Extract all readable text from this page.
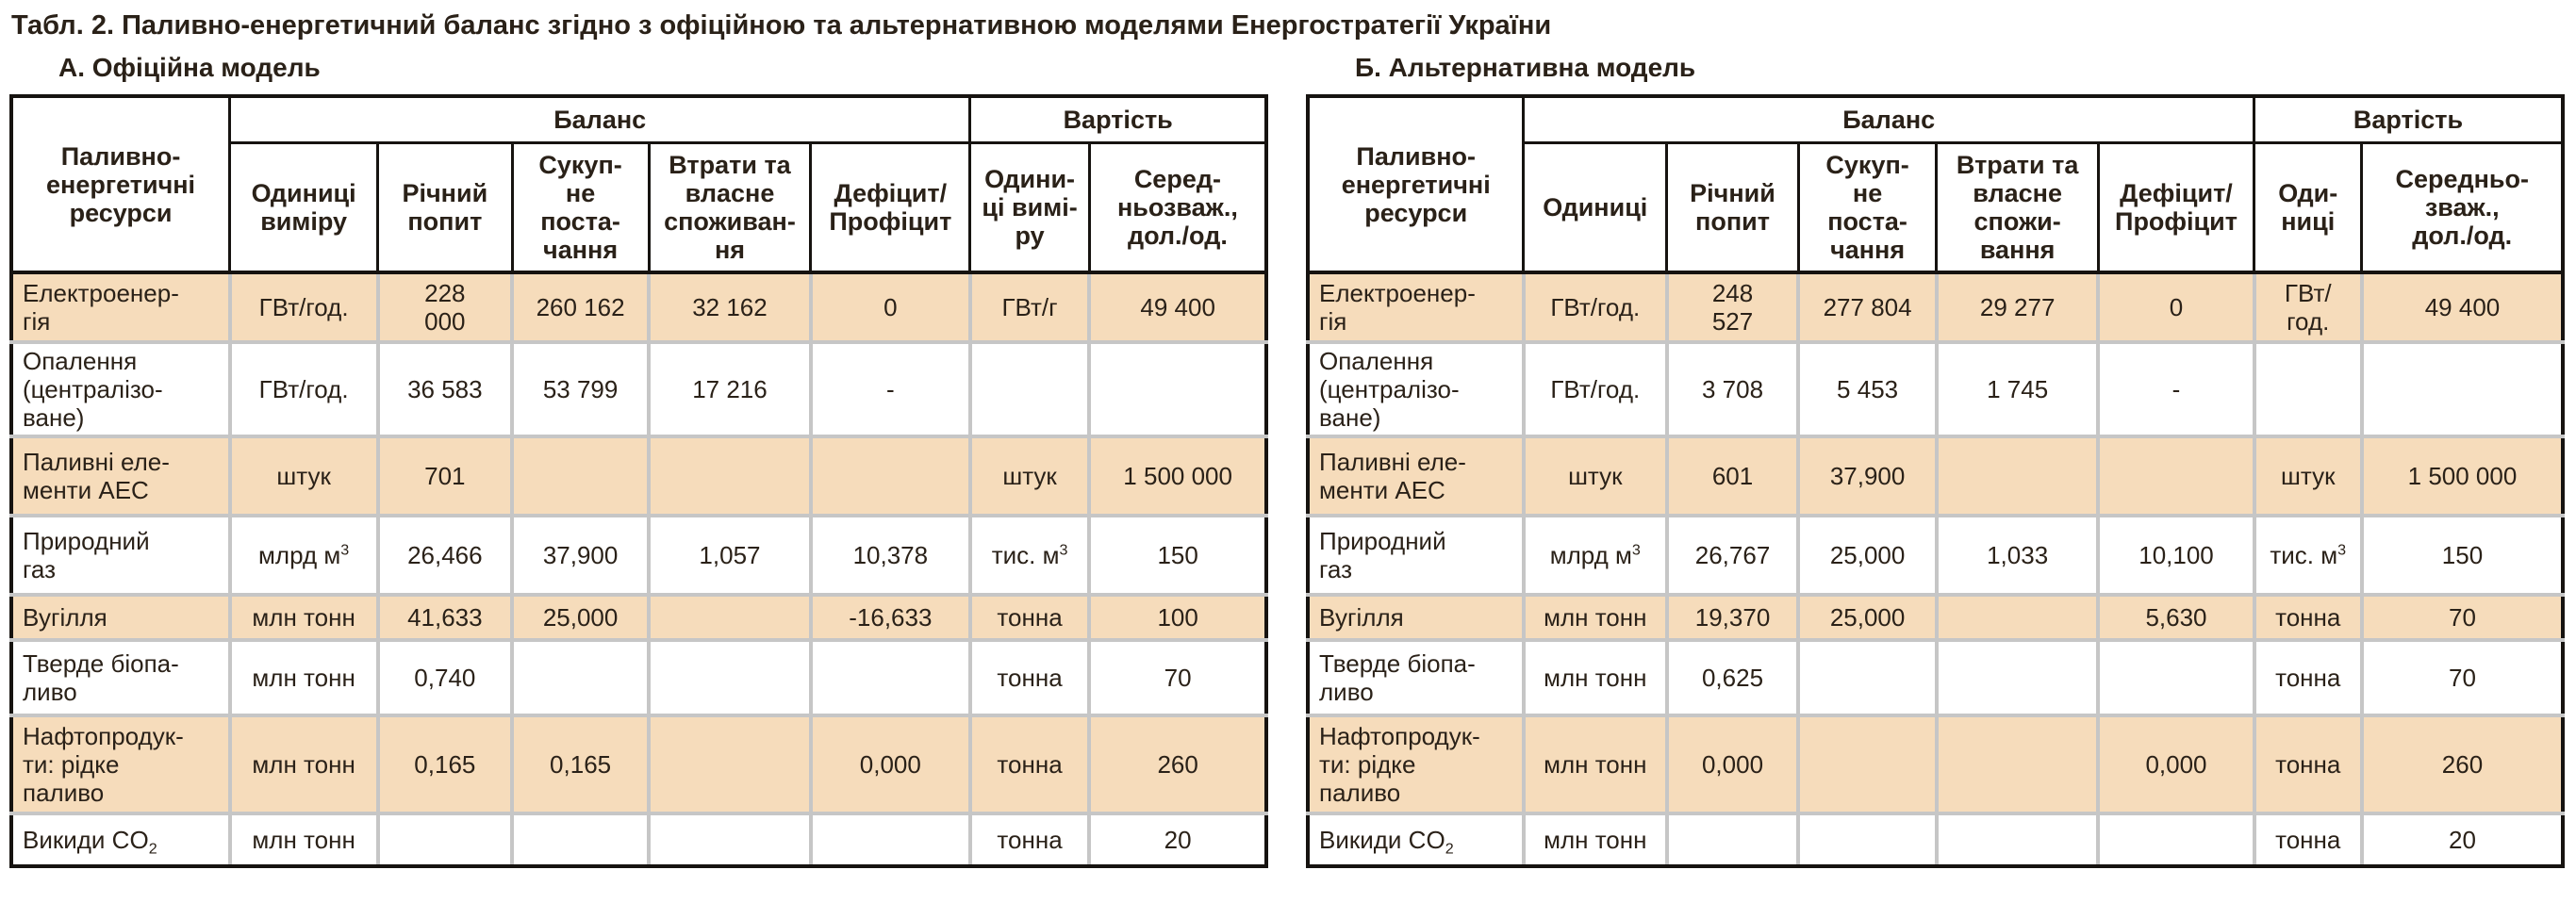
Табл. 2. Паливно-енергетичний баланс згідно з офіційною та альтернативною моделями Енергостратегії України
А. Офіційна модель
Паливно-
енергетичні
ресурси	Баланс					Вартість	
	Одиниці
виміру	Річний
попит	Сукуп-
не
поста-
чання	Втрати та
власне
споживан-
ня	Дефіцит/
Профіцит	Одини-
ці вимі-
ру	Серед-
ньозваж.,
дол./од.
Електроенер-
гія	ГВт/год.	228
000	260 162	32 162	0	ГВт/г	49 400
Опалення
(централізо-
ване)	ГВт/год.	36 583	53 799	17 216	-		
Паливні еле-
менти АЕС	штук	701				штук	1 500 000
Природний
газ	млрд $м^3$	26,466	37,900	1,057	10,378	тис. $м^3$	150
Вугілля	млн тонн	41,633	25,000		-16,633	тонна	100
Тверде біопа-
ливо	млн тонн	0,740				тонна	70
Нафтопродук-
ти: рідке
паливо	млн тонн	0,165	0,165		0,000	тонна	260
Викиди $CO_2$	млн тонн					тонна	20
Б. Альтернативна модель
Паливно-
енергетичні
ресурси	Баланс					Вартість	
	Одиниці	Річний
попит	Сукуп-
не
поста-
чання	Втрати та
власне
спожи-
вання	Дефіцит/
Профіцит	Оди-
ниці	Середньо-
зваж.,
дол./од.
Електроенер-
гія	ГВт/год.	248
527	277 804	29 277	0	ГВт/
год.	49 400
Опалення
(централізо-
ване)	ГВт/год.	3 708	5 453	1 745	-		
Паливні еле-
менти АЕС	штук	601	37,900			штук	1 500 000
Природний
газ	млрд $м^3$	26,767	25,000	1,033	10,100	тис. $м^3$	150
Вугілля	млн тонн	19,370	25,000		5,630	тонна	70
Тверде біопа-
ливо	млн тонн	0,625				тонна	70
Нафтопродук-
ти: рідке
паливо	млн тонн	0,000			0,000	тонна	260
Викиди $CO_2$	млн тонн					тонна	20
